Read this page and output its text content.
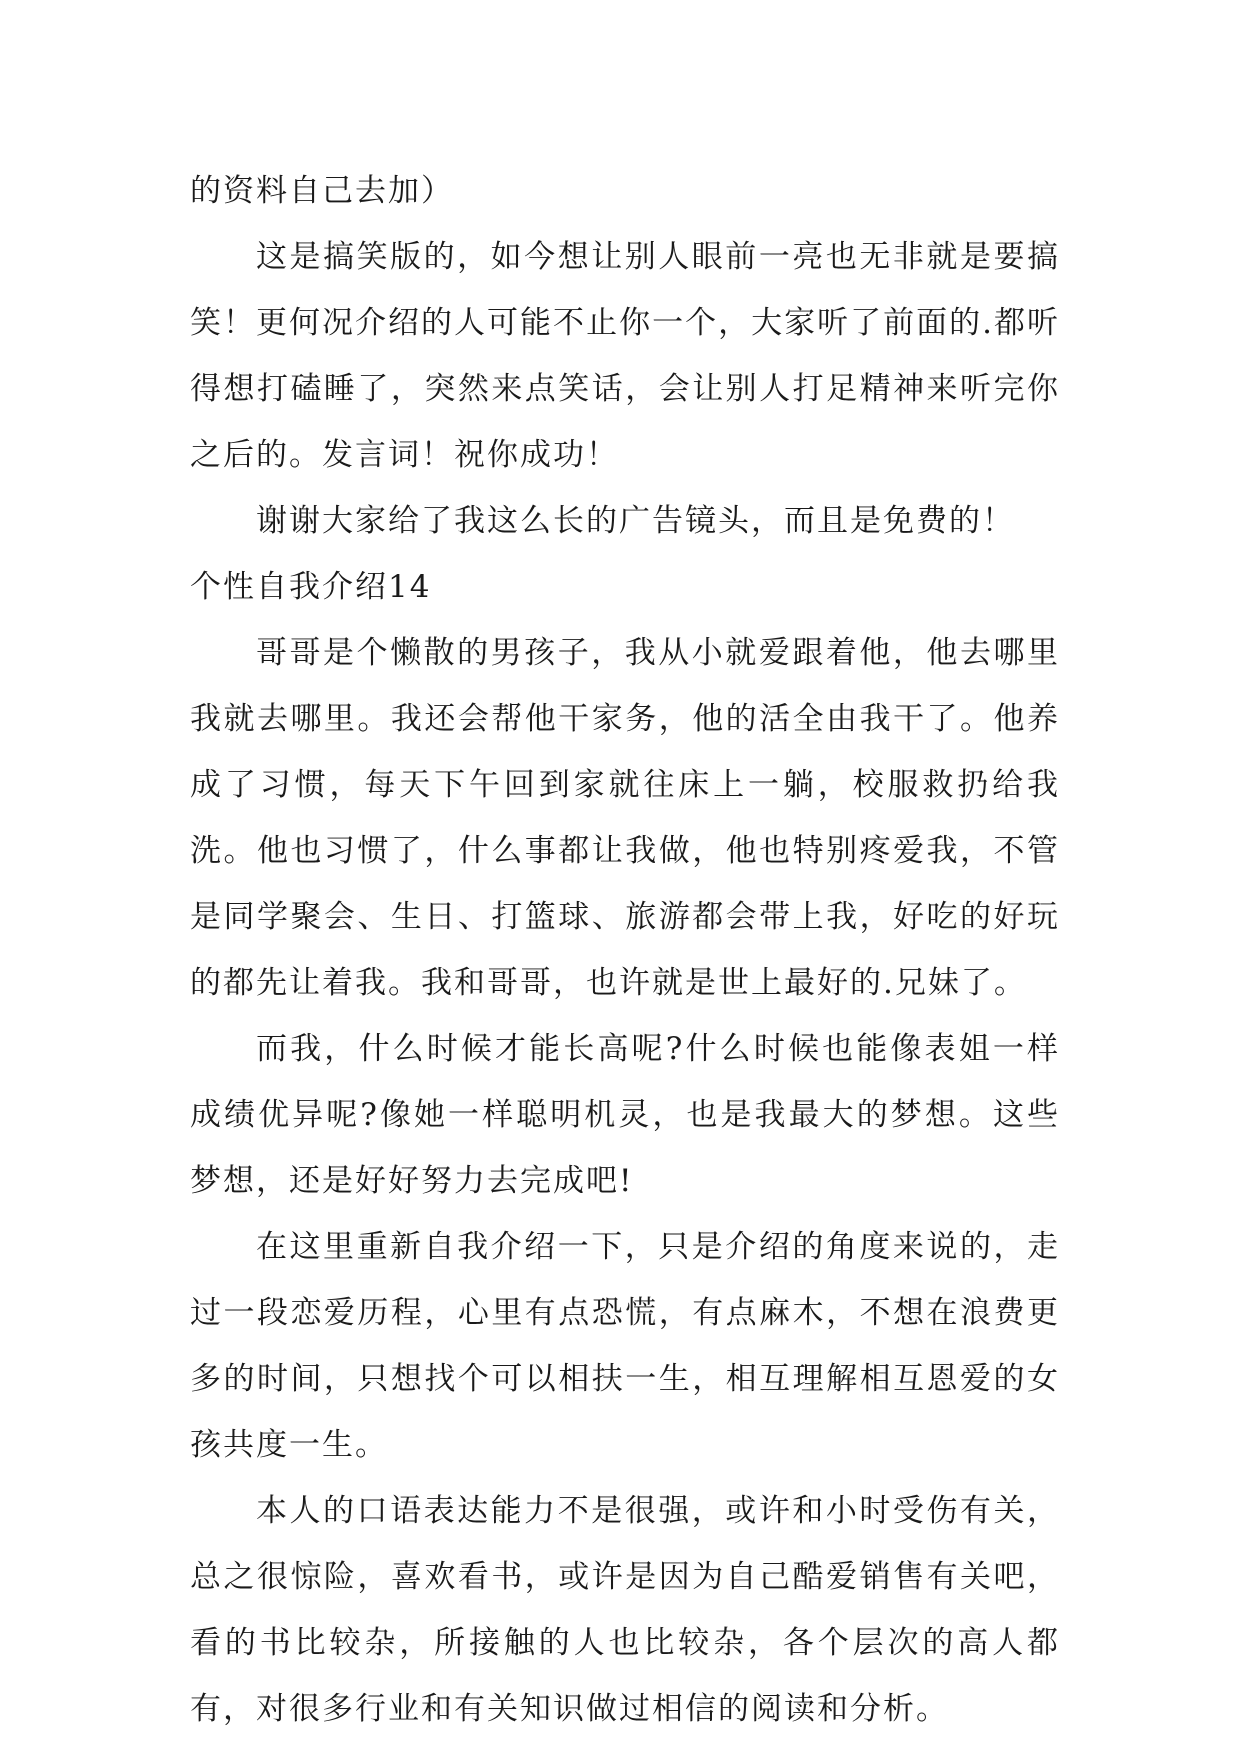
的资料自己去加）

这是搞笑版的，如今想让别人眼前一亮也无非就是要搞笑！更何况介绍的人可能不止你一个，大家听了前面的.都听得想打磕睡了，突然来点笑话，会让别人打足精神来听完你之后的。发言词！祝你成功！

谢谢大家给了我这么长的广告镜头，而且是免费的！

个性自我介绍14

哥哥是个懒散的男孩子，我从小就爱跟着他，他去哪里我就去哪里。我还会帮他干家务，他的活全由我干了。他养成了习惯，每天下午回到家就往床上一躺，校服救扔给我洗。他也习惯了，什么事都让我做，他也特别疼爱我，不管是同学聚会、生日、打篮球、旅游都会带上我，好吃的好玩的都先让着我。我和哥哥，也许就是世上最好的.兄妹了。

而我，什么时候才能长高呢?什么时候也能像表姐一样成绩优异呢?像她一样聪明机灵，也是我最大的梦想。这些梦想，还是好好努力去完成吧!

在这里重新自我介绍一下，只是介绍的角度来说的，走过一段恋爱历程，心里有点恐慌，有点麻木，不想在浪费更多的时间，只想找个可以相扶一生，相互理解相互恩爱的女孩共度一生。

本人的口语表达能力不是很强，或许和小时受伤有关，总之很惊险，喜欢看书，或许是因为自己酷爱销售有关吧，看的书比较杂，所接触的人也比较杂，各个层次的高人都有，对很多行业和有关知识做过相信的阅读和分析。
